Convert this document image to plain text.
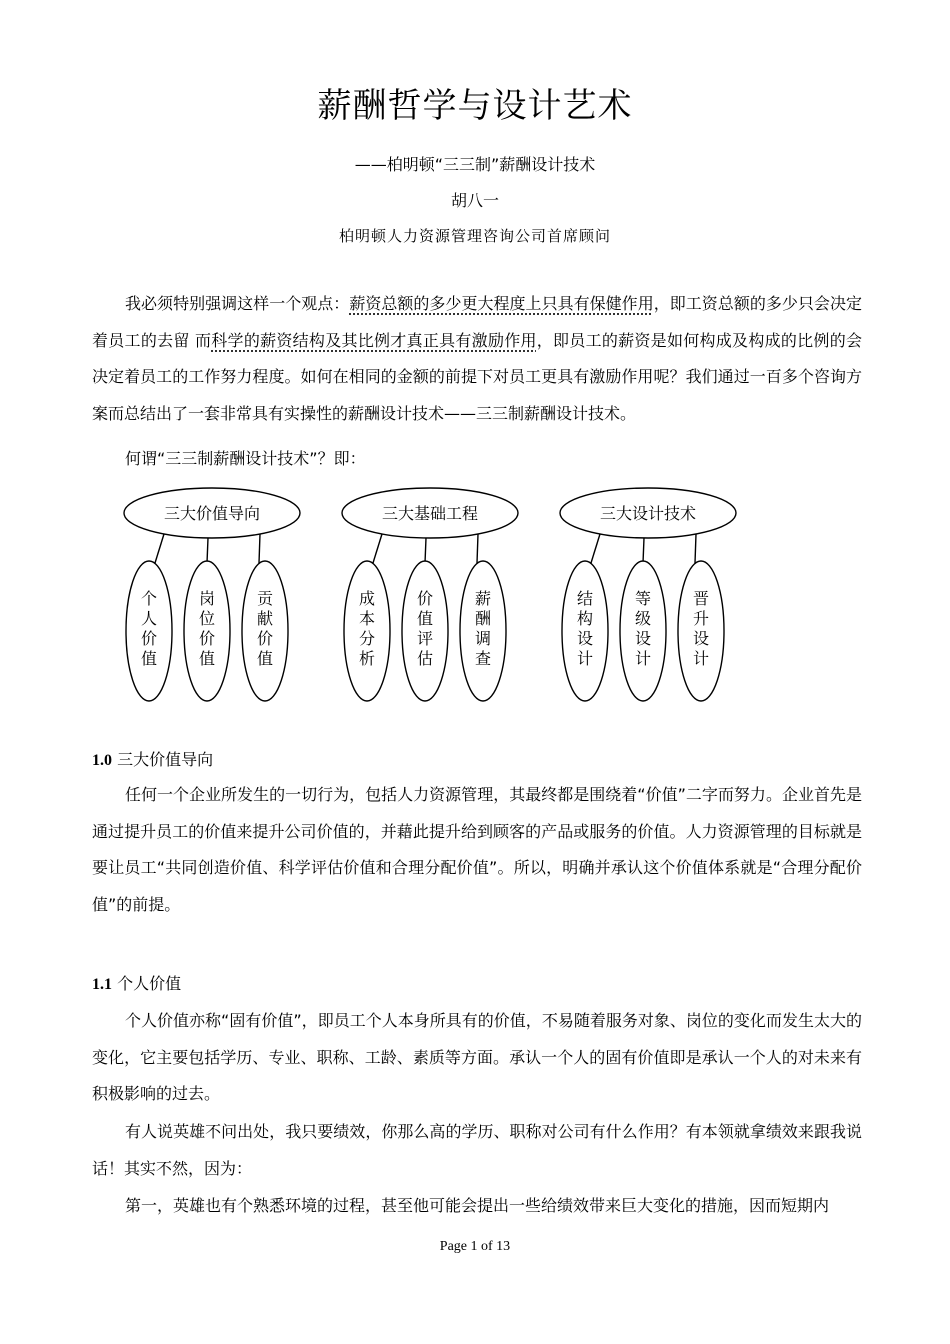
薪酬哲学与设计艺术
——柏明顿“三三制”薪酬设计技术
胡八一
柏明顿人力资源管理咨询公司首席顾问

我必须特别强调这样一个观点：薪资总额的多少更大程度上只具有保健作用，即工资总额的多少只会决定着员工的去留 而科学的薪资结构及其比例才真正具有激励作用，即员工的薪资是如何构成及构成的比例的会决定着员工的工作努力程度。如何在相同的金额的前提下对员工更具有激励作用呢？我们通过一百多个咨询方案而总结出了一套非常具有实操性的薪酬设计技术——三三制薪酬设计技术。

何谓“三三制薪酬设计技术”？即：

三大价值导向
个
人
价
值
岗
位
价
值
贡
献
价
值
三大基础工程
成
本
分
析
价
值
评
估
薪
酬
调
查
三大设计技术
结
构
设
计
等
级
设
计
晋
升
设
计
1.0 三大价值导向

任何一个企业所发生的一切行为，包括人力资源管理，其最终都是围绕着“价值”二字而努力。企业首先是通过提升员工的价值来提升公司价值的，并藉此提升给到顾客的产品或服务的价值。人力资源管理的目标就是要让员工“共同创造价值、科学评估价值和合理分配价值”。所以，明确并承认这个价值体系就是“合理分配价值”的前提。

1.1 个人价值

个人价值亦称“固有价值”，即员工个人本身所具有的价值，不易随着服务对象、岗位的变化而发生太大的变化，它主要包括学历、专业、职称、工龄、素质等方面。承认一个人的固有价值即是承认一个人的对未来有积极影响的过去。

有人说英雄不问出处，我只要绩效，你那么高的学历、职称对公司有什么作用？有本领就拿绩效来跟我说话！其实不然，因为：

第一，英雄也有个熟悉环境的过程，甚至他可能会提出一些给绩效带来巨大变化的措施，因而短期内

Page 1 of 13
